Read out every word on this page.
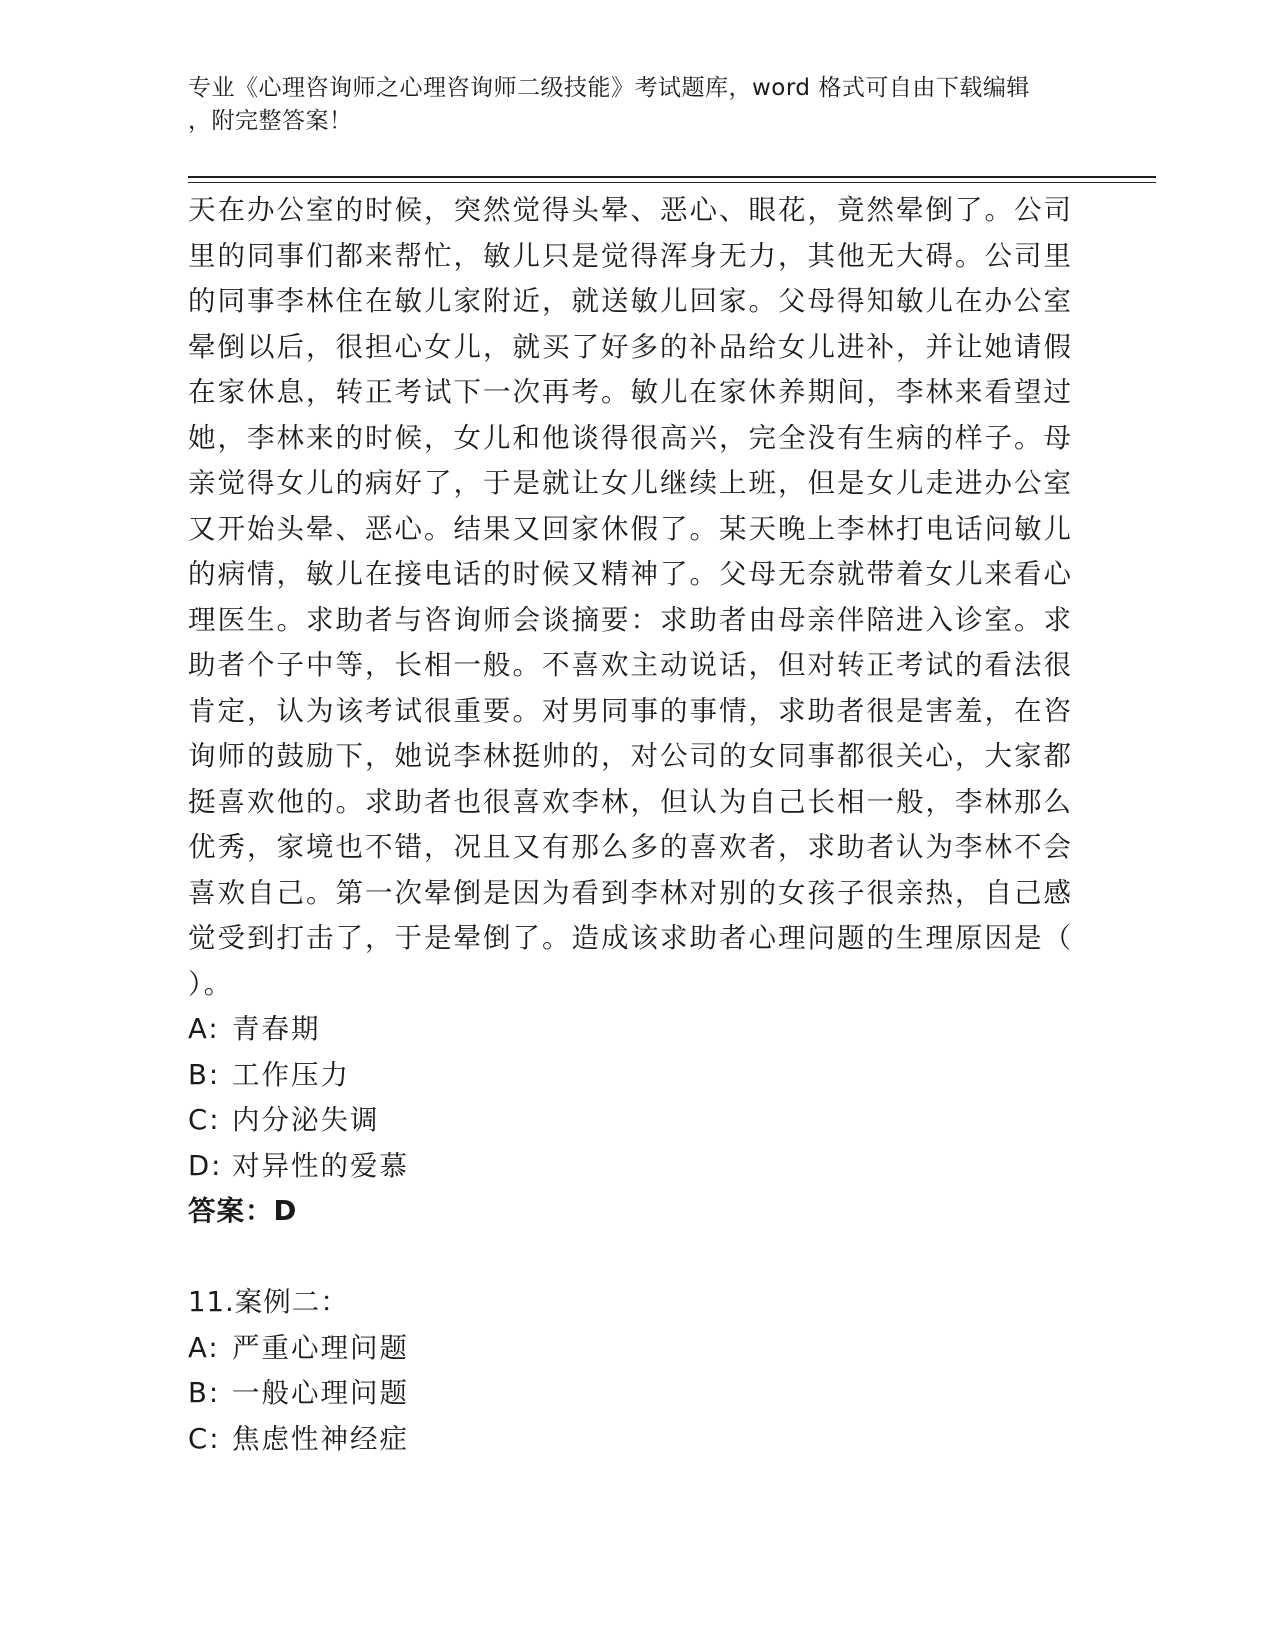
专业《心理咨询师之心理咨询师二级技能》考试题库，word 格式可自由下载编辑
，附完整答案！
天在办公室的时候，突然觉得头晕、恶心、眼花，竟然晕倒了。公司
里的同事们都来帮忙，敏儿只是觉得浑身无力，其他无大碍。公司里
的同事李林住在敏儿家附近，就送敏儿回家。父母得知敏儿在办公室
晕倒以后，很担心女儿，就买了好多的补品给女儿进补，并让她请假
在家休息，转正考试下一次再考。敏儿在家休养期间，李林来看望过
她，李林来的时候，女儿和他谈得很高兴，完全没有生病的样子。母
亲觉得女儿的病好了，于是就让女儿继续上班，但是女儿走进办公室
又开始头晕、恶心。结果又回家休假了。某天晚上李林打电话问敏儿
的病情，敏儿在接电话的时候又精神了。父母无奈就带着女儿来看心
理医生。求助者与咨询师会谈摘要：求助者由母亲伴陪进入诊室。求
助者个子中等，长相一般。不喜欢主动说话，但对转正考试的看法很
肯定，认为该考试很重要。对男同事的事情，求助者很是害羞，在咨
询师的鼓励下，她说李林挺帅的，对公司的女同事都很关心，大家都
挺喜欢他的。求助者也很喜欢李林，但认为自己长相一般，李林那么
优秀，家境也不错，况且又有那么多的喜欢者，求助者认为李林不会
喜欢自己。第一次晕倒是因为看到李林对别的女孩子很亲热，自己感
觉受到打击了，于是晕倒了。造成该求助者心理问题的生理原因是（
）。
A: 青春期
B: 工作压力
C: 内分泌失调
D: 对异性的爱慕
答案：D
11.案例二：
A: 严重心理问题
B: 一般心理问题
C: 焦虑性神经症
